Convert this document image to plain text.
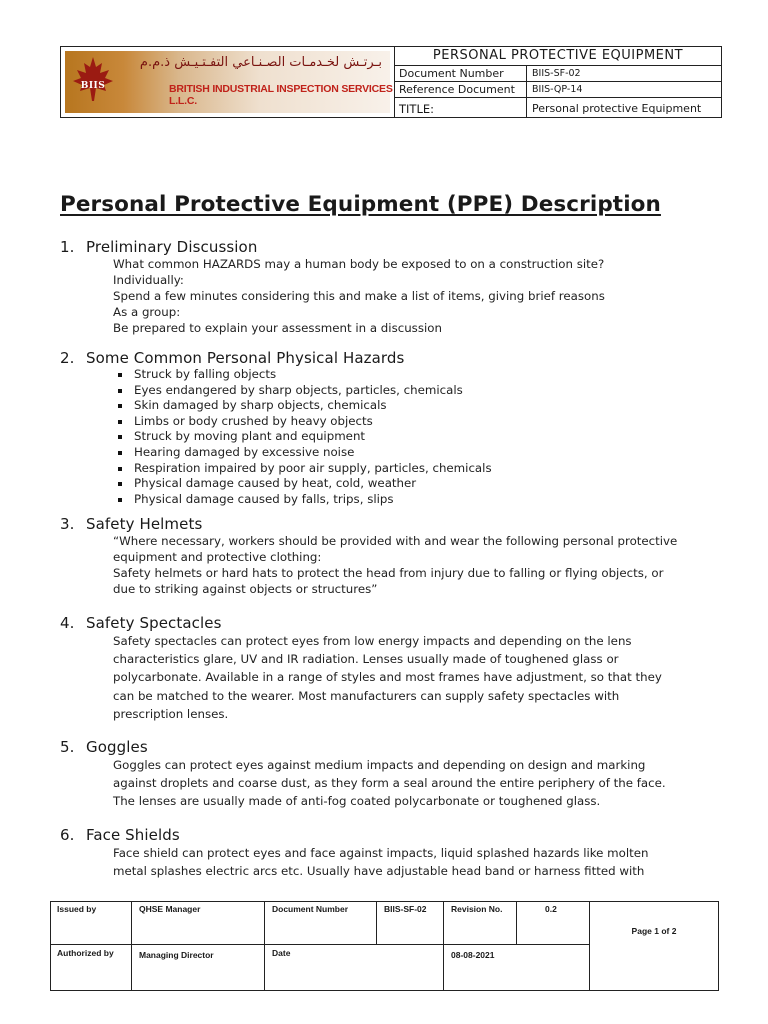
BIIS
بـرتـش لخـدمـات الصـنـاعي التفـتـيـش ذ.م.م
BRITISH INDUSTRIAL INSPECTION SERVICES L.L.C.
PERSONAL PROTECTIVE EQUIPMENT
Document Number	BIIS-SF-02
Reference Document	BIIS-QP-14
TITLE:	Personal protective Equipment
Personal Protective Equipment (PPE) Description
1. Preliminary Discussion
What common HAZARDS may a human body be exposed to on a construction site?
Individually:
Spend a few minutes considering this and make a list of items, giving brief reasons
As a group:
Be prepared to explain your assessment in a discussion
2. Some Common Personal Physical Hazards
Struck by falling objects
Eyes endangered by sharp objects, particles, chemicals
Skin damaged by sharp objects, chemicals
Limbs or body crushed by heavy objects
Struck by moving plant and equipment
Hearing damaged by excessive noise
Respiration impaired by poor air supply, particles, chemicals
Physical damage caused by heat, cold, weather
Physical damage caused by falls, trips, slips
3. Safety Helmets
“Where necessary, workers should be provided with and wear the following personal protective
equipment and protective clothing:
Safety helmets or hard hats to protect the head from injury due to falling or flying objects, or
due to striking against objects or structures”
4. Safety Spectacles
Safety spectacles can protect eyes from low energy impacts and depending on the lens
characteristics glare, UV and IR radiation. Lenses usually made of toughened glass or
polycarbonate. Available in a range of styles and most frames have adjustment, so that they
can be matched to the wearer. Most manufacturers can supply safety spectacles with
prescription lenses.
5. Goggles
Goggles can protect eyes against medium impacts and depending on design and marking
against droplets and coarse dust, as they form a seal around the entire periphery of the face.
The lenses are usually made of anti-fog coated polycarbonate or toughened glass.
6. Face Shields
Face shield can protect eyes and face against impacts, liquid splashed hazards like molten
metal splashes electric arcs etc. Usually have adjustable head band or harness fitted with
Issued by	QHSE Manager	Document Number	BIIS-SF-02	Revision No.	0.2
Authorized by	Managing Director	Date	08-08-2021
Page 1 of 2
